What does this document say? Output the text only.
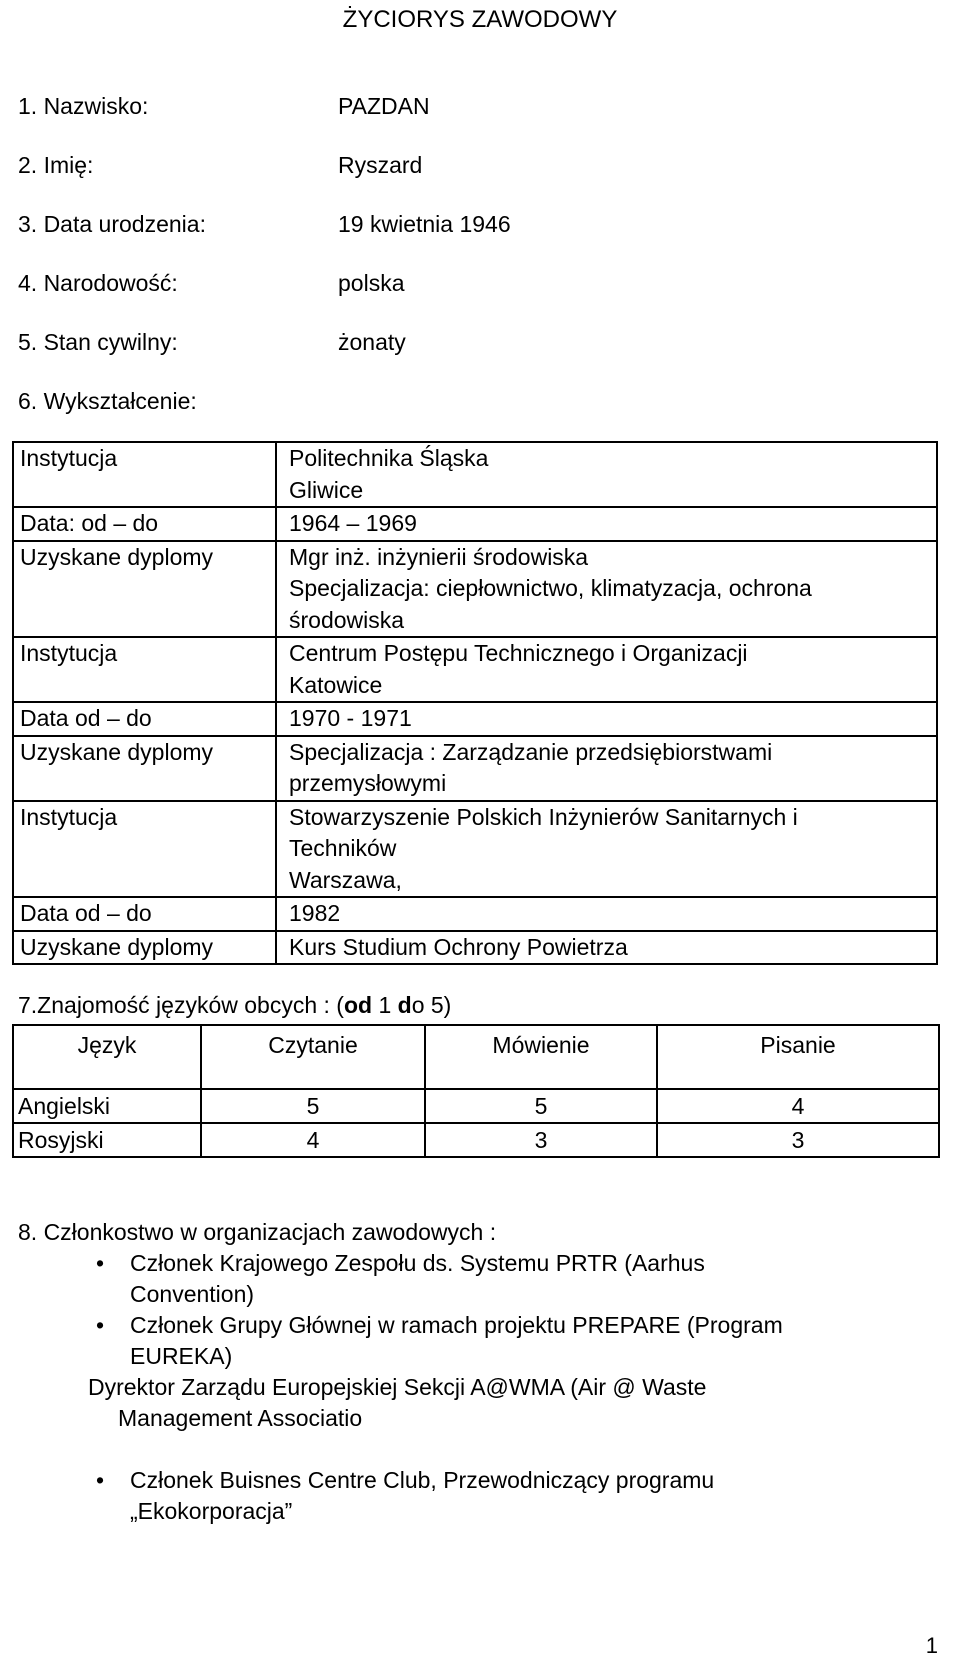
ŻYCIORYS ZAWODOWY
1. Nazwisko:	PAZDAN
2. Imię:	Ryszard
3. Data urodzenia:	19 kwietnia 1946
4. Narodowość:	polska
5. Stan cywilny:	żonaty
6. Wykształcenie:
Instytucja	Politechnika Śląska
Gliwice

Data: od – do	1964 – 1969

Uzyskane dyplomy	Mgr inż. inżynierii środowiska
Specjalizacja: ciepłownictwo, klimatyzacja, ochrona
środowiska

Instytucja	Centrum Postępu Technicznego i Organizacji
Katowice

Data od – do	1970 - 1971

Uzyskane dyplomy	Specjalizacja : Zarządzanie przedsiębiorstwami
przemysłowymi

Instytucja	Stowarzyszenie Polskich Inżynierów Sanitarnych i
Techników
Warszawa,

Data od – do	1982

Uzyskane dyplomy	Kurs Studium Ochrony Powietrza
7.Znajomość języków obcych : (od 1 do 5)
Język	Czytanie	Mówienie	Pisanie
Angielski	5	5	4
Rosyjski	4	3	3
8. Członkostwo w organizacjach zawodowych :
• Członek Krajowego Zespołu ds. Systemu PRTR (Aarhus
Convention)
• Członek Grupy Głównej w ramach projektu PREPARE (Program
EUREKA)
Dyrektor Zarządu Europejskiej Sekcji A@WMA (Air @ Waste
Management Associatio
• Członek Buisnes Centre Club, Przewodniczący programu
„Ekokorporacja”
1
